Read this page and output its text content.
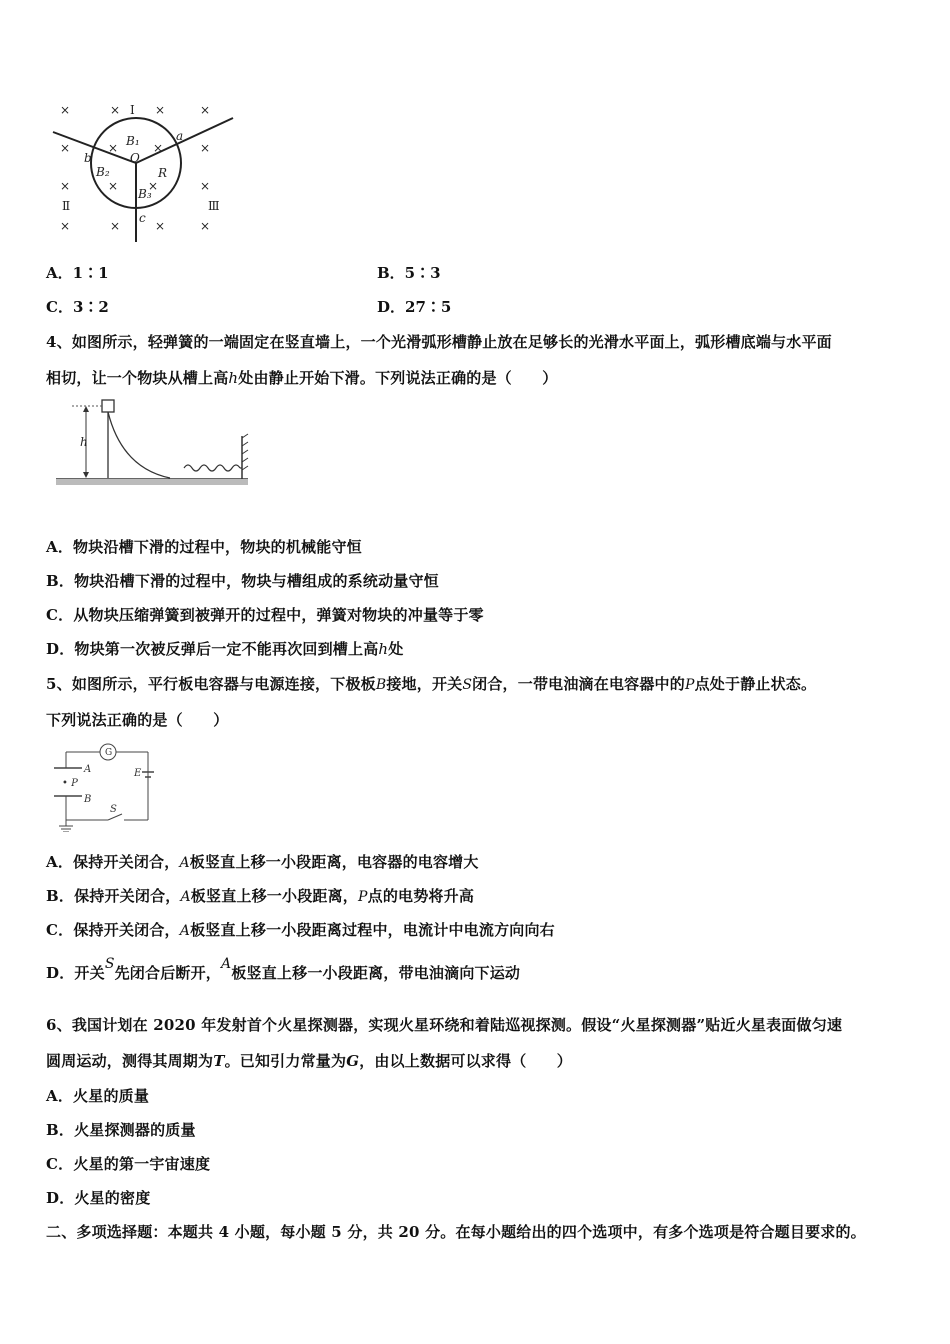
×	×	×	×
×	×
×	×
×	×	×	×
×	×
× ×
Ⅰ
Ⅱ	Ⅲ
B₁
B₂
B₃
O
R
a
b
c
A．1∶1	B．5∶3
C．3∶2	D．27∶5
4、如图所示，轻弹簧的一端固定在竖直墙上，一个光滑弧形槽静止放在足够长的光滑水平面上，弧形槽底端与水平面
相切，让一个物块从槽上高h处由静止开始下滑。下列说法正确的是（　　）
h
A．物块沿槽下滑的过程中，物块的机械能守恒
B．物块沿槽下滑的过程中，物块与槽组成的系统动量守恒
C．从物块压缩弹簧到被弹开的过程中，弹簧对物块的冲量等于零
D．物块第一次被反弹后一定不能再次回到槽上高h处
5、如图所示，平行板电容器与电源连接，下极板B接地，开关S闭合，一带电油滴在电容器中的P点处于静止状态。
下列说法正确的是（　　）
G
A
• P
B
E
S
A．保持开关闭合，A板竖直上移一小段距离，电容器的电容增大
B．保持开关闭合，A板竖直上移一小段距离，P点的电势将升高
C．保持开关闭合，A板竖直上移一小段距离过程中，电流计中电流方向向右
D．开关S先闭合后断开，A板竖直上移一小段距离，带电油滴向下运动
6、我国计划在 2020 年发射首个火星探测器，实现火星环绕和着陆巡视探测。假设“火星探测器”贴近火星表面做匀速
圆周运动，测得其周期为T。已知引力常量为G，由以上数据可以求得（　　）
A．火星的质量
B．火星探测器的质量
C．火星的第一宇宙速度
D．火星的密度
二、多项选择题：本题共 4 小题，每小题 5 分，共 20 分。在每小题给出的四个选项中，有多个选项是符合题目要求的。
